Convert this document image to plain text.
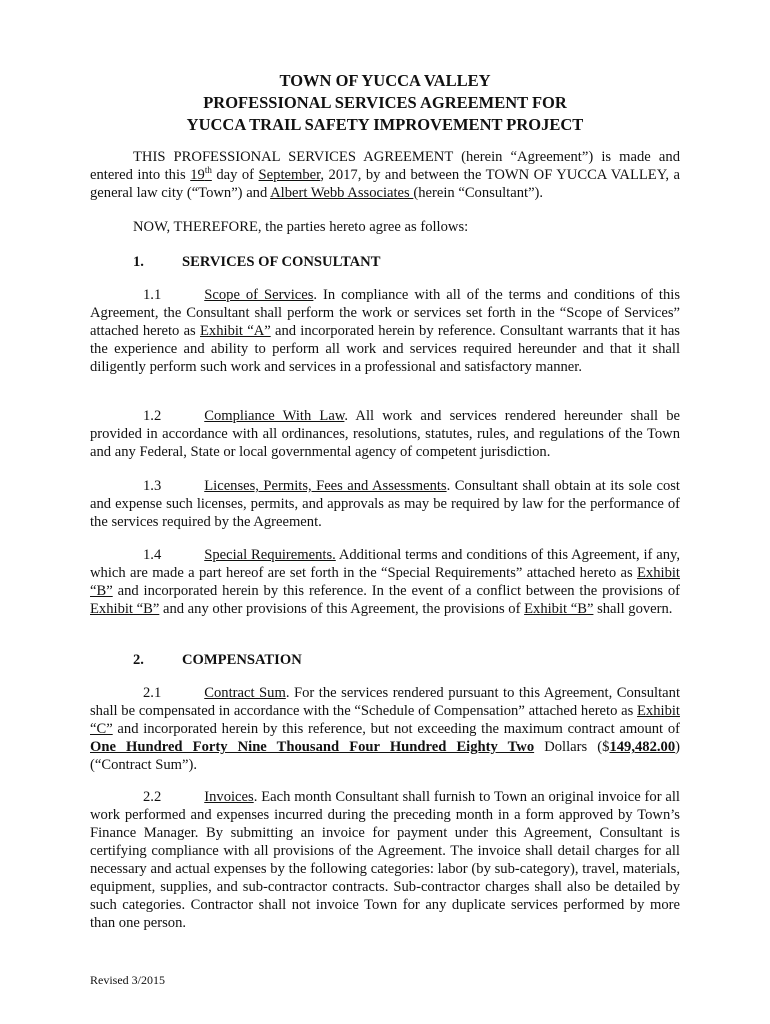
TOWN OF YUCCA VALLEY
PROFESSIONAL SERVICES AGREEMENT FOR
YUCCA TRAIL SAFETY IMPROVEMENT PROJECT
THIS PROFESSIONAL SERVICES AGREEMENT (herein “Agreement”) is made and entered into this 19th day of September, 2017, by and between the TOWN OF YUCCA VALLEY, a general law city (“Town”) and Albert Webb Associates (herein “Consultant”).
NOW, THEREFORE, the parties hereto agree as follows:
1.	SERVICES OF CONSULTANT
1.1	Scope of Services. In compliance with all of the terms and conditions of this Agreement, the Consultant shall perform the work or services set forth in the “Scope of Services” attached hereto as Exhibit “A” and incorporated herein by reference. Consultant warrants that it has the experience and ability to perform all work and services required hereunder and that it shall diligently perform such work and services in a professional and satisfactory manner.
1.2	Compliance With Law. All work and services rendered hereunder shall be provided in accordance with all ordinances, resolutions, statutes, rules, and regulations of the Town and any Federal, State or local governmental agency of competent jurisdiction.
1.3	Licenses, Permits, Fees and Assessments. Consultant shall obtain at its sole cost and expense such licenses, permits, and approvals as may be required by law for the performance of the services required by the Agreement.
1.4	Special Requirements. Additional terms and conditions of this Agreement, if any, which are made a part hereof are set forth in the “Special Requirements” attached hereto as Exhibit “B” and incorporated herein by this reference. In the event of a conflict between the provisions of Exhibit “B” and any other provisions of this Agreement, the provisions of Exhibit “B” shall govern.
2.	COMPENSATION
2.1	Contract Sum. For the services rendered pursuant to this Agreement, Consultant shall be compensated in accordance with the “Schedule of Compensation” attached hereto as Exhibit “C” and incorporated herein by this reference, but not exceeding the maximum contract amount of One Hundred Forty Nine Thousand Four Hundred Eighty Two Dollars ($149,482.00) (“Contract Sum”).
2.2	Invoices. Each month Consultant shall furnish to Town an original invoice for all work performed and expenses incurred during the preceding month in a form approved by Town’s Finance Manager. By submitting an invoice for payment under this Agreement, Consultant is certifying compliance with all provisions of the Agreement. The invoice shall detail charges for all necessary and actual expenses by the following categories: labor (by sub-category), travel, materials, equipment, supplies, and sub-contractor contracts. Sub-contractor charges shall also be detailed by such categories. Contractor shall not invoice Town for any duplicate services performed by more than one person.
Revised 3/2015
